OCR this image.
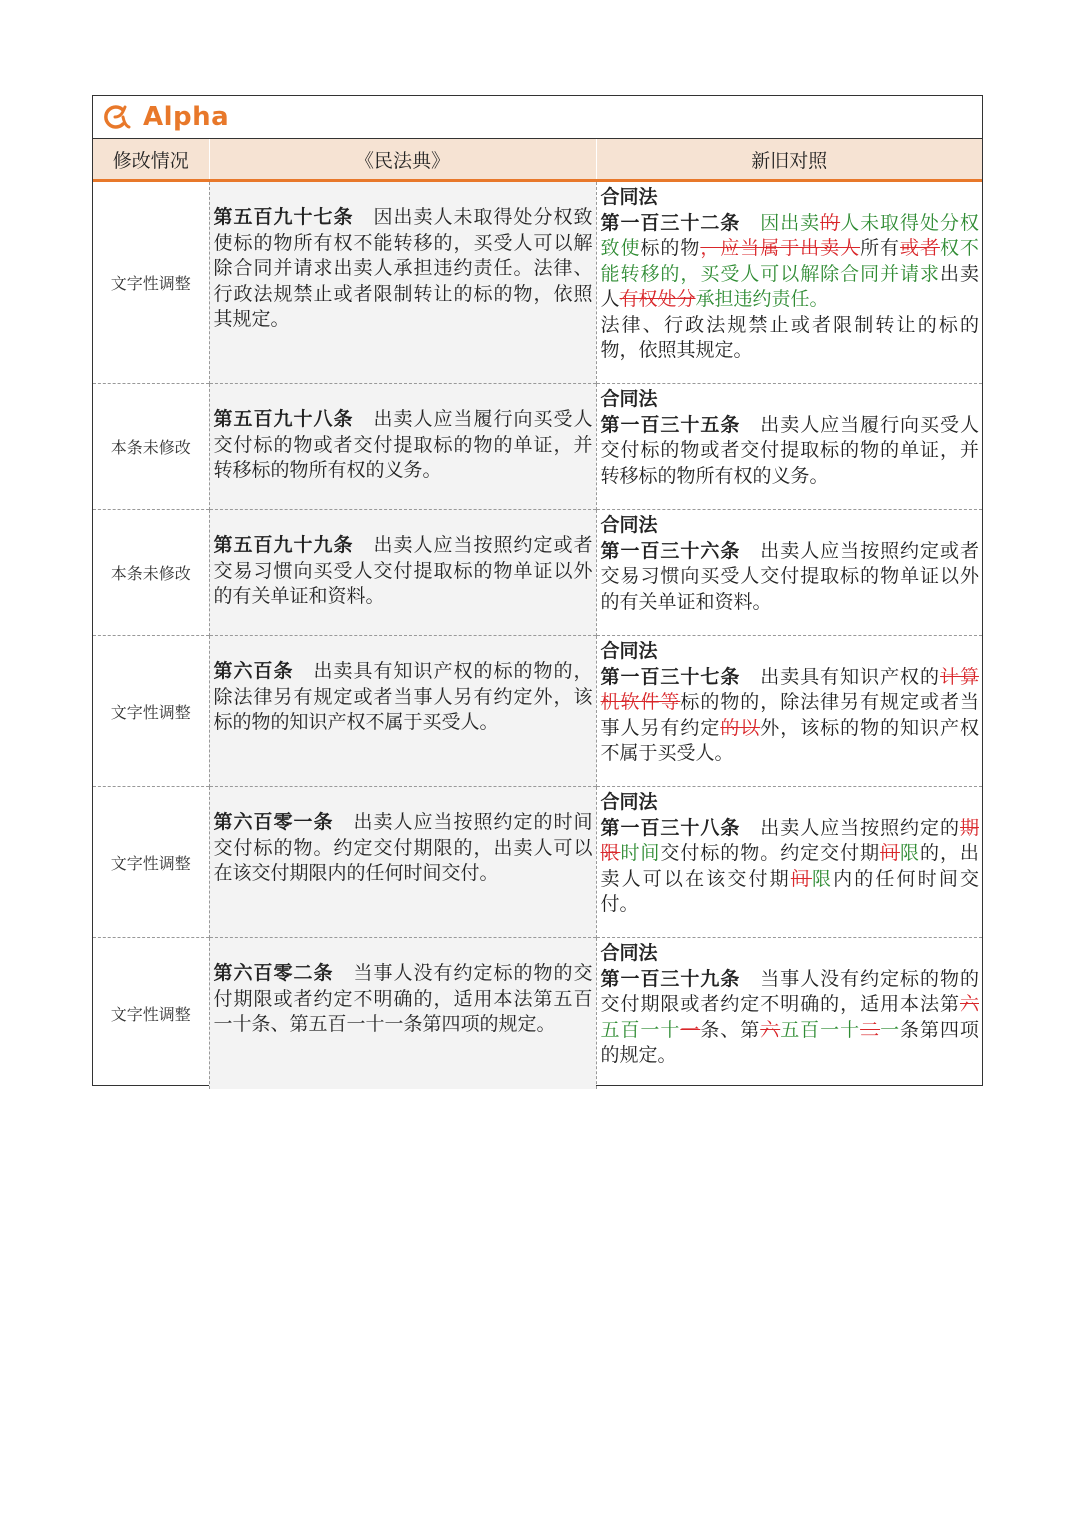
Alpha
修改情况	《民法典》	新旧对照
文字性调整	第五百九十七条　 因出卖人未取得处分权致使标的物所有权不能转移的，买受人可以解除合同并请求出卖人承担违约责任。法律、行政法规禁止或者限制转让的标的物，依照其规定。	合同法
第一百三十二条　 因出卖的人未取得处分权致使标的物，应当属于出卖人所有或者权不能转移的，买受人可以解除合同并请求出卖人有权处分承担违约责任。
法律、行政法规禁止或者限制转让的标的物，依照其规定。

本条未修改	第五百九十八条　 出卖人应当履行向买受人交付标的物或者交付提取标的物的单证，并转移标的物所有权的义务。	合同法
第一百三十五条　出卖人应当履行向买受人交付标的物或者交付提取标的物的单证，并转移标的物所有权的义务。

本条未修改	第五百九十九条　 出卖人应当按照约定或者交易习惯向买受人交付提取标的物单证以外的有关单证和资料。	合同法
第一百三十六条　出卖人应当按照约定或者交易习惯向买受人交付提取标的物单证以外的有关单证和资料。

文字性调整	第六百条　 出卖具有知识产权的标的物的，除法律另有规定或者当事人另有约定外，该标的物的知识产权不属于买受人。	合同法
第一百三十七条　出卖具有知识产权的计算机软件等标的物的，除法律另有规定或者当事人另有约定的以外，该标的物的知识产权不属于买受人。

文字性调整	第六百零一条　 出卖人应当按照约定的时间交付标的物。约定交付期限的，出卖人可以在该交付期限内的任何时间交付。	合同法
第一百三十八条　出卖人应当按照约定的期限时间交付标的物。约定交付期间限的，出卖人可以在该交付期间限内的任何时间交付。

文字性调整	第六百零二条　 当事人没有约定标的物的交付期限或者约定不明确的，适用本法第五百一十条、第五百一十一条第四项的规定。	合同法
第一百三十九条　当事人没有约定标的物的交付期限或者约定不明确的，适用本法第六五百一十一条、第六五百一十二一条第四项的规定。
